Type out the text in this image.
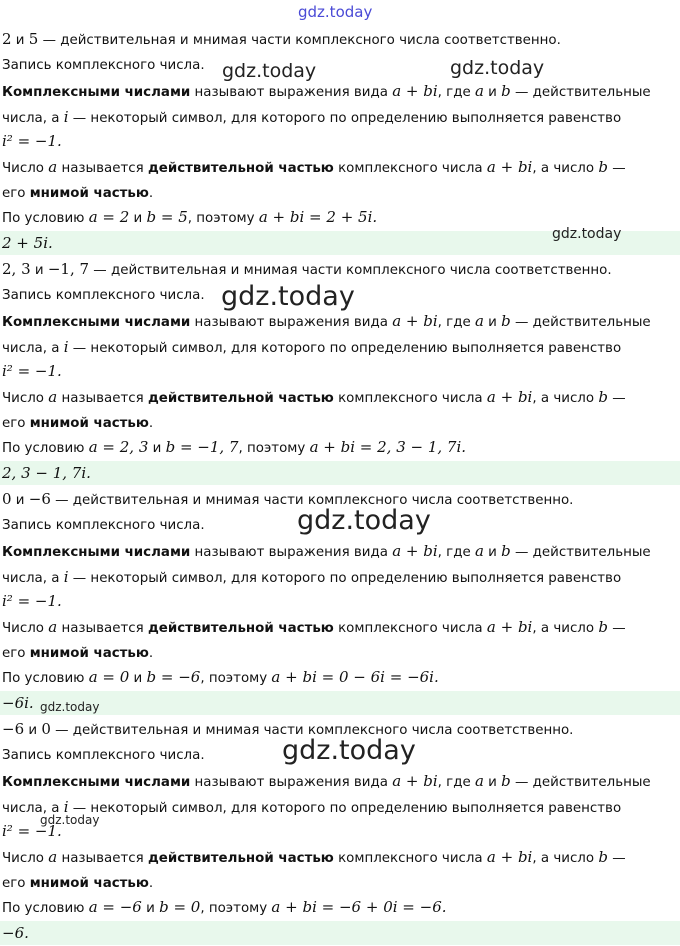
gdz.today
2 и 5 — действительная и мнимая части комплексного числа соответственно.
Запись комплексного числа.
Комплексными числами называют выражения вида a + bi, где a и b — действительные
числа, а i — некоторый символ, для которого по определению выполняется равенство
i² = −1.
Число a называется действительной частью комплексного числа a + bi, а число b —
его мнимой частью.
По условию a = 2 и b = 5, поэтому a + bi = 2 + 5i.
2 + 5i.
2, 3 и −1, 7 — действительная и мнимая части комплексного числа соответственно.
Запись комплексного числа.
Комплексными числами называют выражения вида a + bi, где a и b — действительные
числа, а i — некоторый символ, для которого по определению выполняется равенство
i² = −1.
Число a называется действительной частью комплексного числа a + bi, а число b —
его мнимой частью.
По условию a = 2, 3 и b = −1, 7, поэтому a + bi = 2, 3 − 1, 7i.
2, 3 − 1, 7i.
0 и −6 — действительная и мнимая части комплексного числа соответственно.
Запись комплексного числа.
Комплексными числами называют выражения вида a + bi, где a и b — действительные
числа, а i — некоторый символ, для которого по определению выполняется равенство
i² = −1.
Число a называется действительной частью комплексного числа a + bi, а число b —
его мнимой частью.
По условию a = 0 и b = −6, поэтому a + bi = 0 − 6i = −6i.
−6i.
−6 и 0 — действительная и мнимая части комплексного числа соответственно.
Запись комплексного числа.
Комплексными числами называют выражения вида a + bi, где a и b — действительные
числа, а i — некоторый символ, для которого по определению выполняется равенство
i² = −1.
Число a называется действительной частью комплексного числа a + bi, а число b —
его мнимой частью.
По условию a = −6 и b = 0, поэтому a + bi = −6 + 0i = −6.
−6.
gdz.today	gdz.today
gdz.today
gdz.today
gdz.today
gdz.today
gdz.today
gdz.today
